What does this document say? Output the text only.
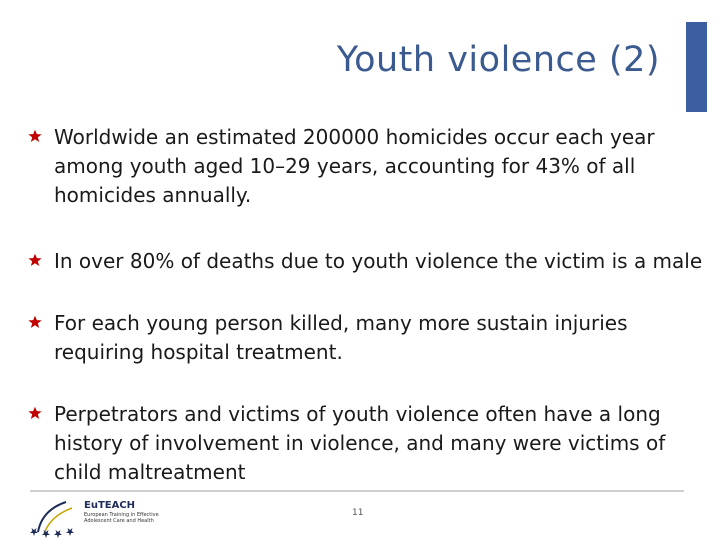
Youth violence (2)
Worldwide an estimated 200000 homicides occur each year among youth aged 10–29 years, accounting for 43% of all homicides annually.
In over 80% of deaths due to youth violence the victim is a male
For each young person killed, many more sustain injuries requiring hospital treatment.
Perpetrators and victims of youth violence often have a long history of involvement in violence, and many were victims of child maltreatment
EuTEACH
European Training in Effective Adolescent Care and Health
11
